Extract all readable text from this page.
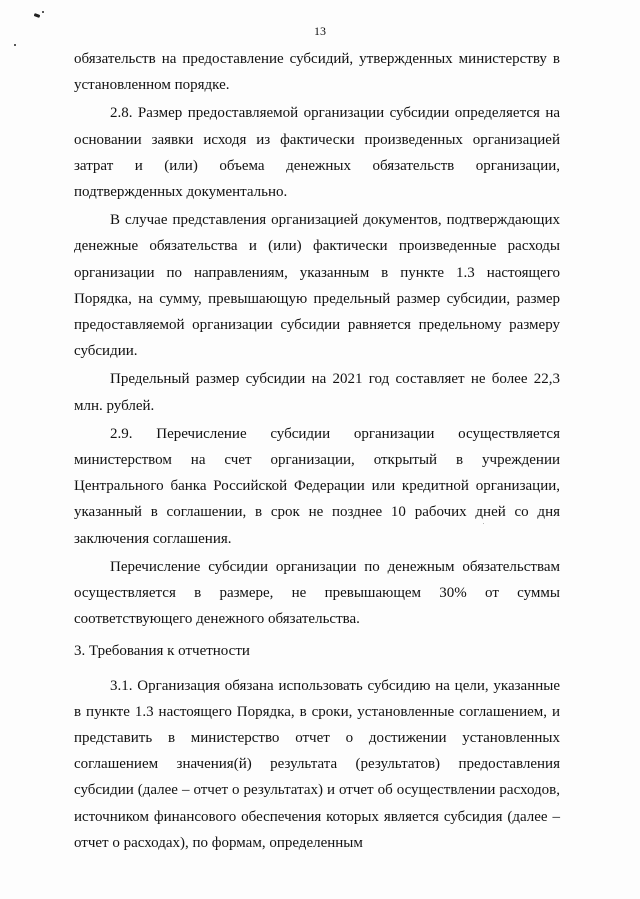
13

обязательств на предоставление субсидий, утвержденных министерству в установленном порядке.

2.8. Размер предоставляемой организации субсидии определяется на основании заявки исходя из фактически произведенных организацией затрат и (или) объема денежных обязательств организации, подтвержденных документально.

В случае представления организацией документов, подтверждающих денежные обязательства и (или) фактически произведенные расходы организации по направлениям, указанным в пункте 1.3 настоящего Порядка, на сумму, превышающую предельный размер субсидии, размер предоставляемой организации субсидии равняется предельному размеру субсидии.

Предельный размер субсидии на 2021 год составляет не более 22,3 млн. рублей.

2.9. Перечисление субсидии организации осуществляется министерством на счет организации, открытый в учреждении Центрального банка Российской Федерации или кредитной организации, указанный в соглашении, в срок не позднее 10 рабочих дней со дня заключения соглашения.

Перечисление субсидии организации по денежным обязательствам осуществляется в размере, не превышающем 30% от суммы соответствующего денежного обязательства.

3. Требования к отчетности

3.1. Организация обязана использовать субсидию на цели, указанные в пункте 1.3 настоящего Порядка, в сроки, установленные соглашением, и представить в министерство отчет о достижении установленных соглашением значения(й) результата (результатов) предоставления субсидии (далее – отчет о результатах) и отчет об осуществлении расходов, источником финансового обеспечения которых является субсидия (далее – отчет о расходах), по формам, определенным
